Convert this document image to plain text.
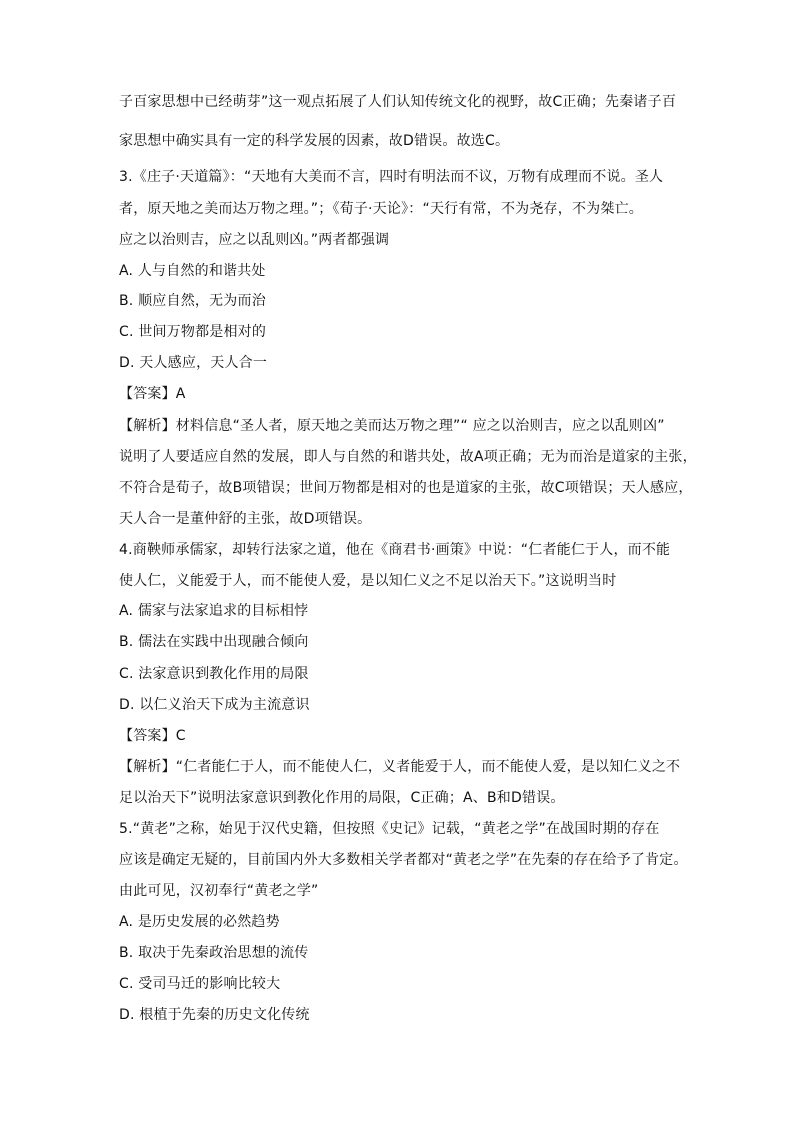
子百家思想中已经萌芽”这一观点拓展了人们认知传统文化的视野，故C正确；先秦诸子百
家思想中确实具有一定的科学发展的因素，故D错误。故选C。
3.《庄子·天道篇》：“天地有大美而不言，四时有明法而不议，万物有成理而不说。圣人
者，原天地之美而达万物之理。”；《荀子·天论》：“天行有常，不为尧存，不为桀亡。
应之以治则吉，应之以乱则凶。”两者都强调
A. 人与自然的和谐共处
B. 顺应自然，无为而治
C. 世间万物都是相对的
D. 天人感应，天人合一
【答案】A
【解析】材料信息“圣人者，原天地之美而达万物之理”“ 应之以治则吉，应之以乱则凶”
说明了人要适应自然的发展，即人与自然的和谐共处，故A项正确；无为而治是道家的主张，
不符合是荀子，故B项错误；世间万物都是相对的也是道家的主张，故C项错误；天人感应，
天人合一是董仲舒的主张，故D项错误。
4.商鞅师承儒家，却转行法家之道，他在《商君书·画策》中说：“仁者能仁于人，而不能
使人仁，义能爱于人，而不能使人爱，是以知仁义之不足以治天下。”这说明当时
A. 儒家与法家追求的目标相悖
B. 儒法在实践中出现融合倾向
C. 法家意识到教化作用的局限
D. 以仁义治天下成为主流意识
【答案】C
【解析】“仁者能仁于人，而不能使人仁，义者能爱于人，而不能使人爱，是以知仁义之不
足以治天下”说明法家意识到教化作用的局限，C正确；A、B和D错误。
5.“黄老”之称，始见于汉代史籍，但按照《史记》记载，“黄老之学”在战国时期的存在
应该是确定无疑的，目前国内外大多数相关学者都对“黄老之学”在先秦的存在给予了肯定。
由此可见，汉初奉行“黄老之学”
A. 是历史发展的必然趋势
B. 取决于先秦政治思想的流传
C. 受司马迁的影响比较大
D. 根植于先秦的历史文化传统
